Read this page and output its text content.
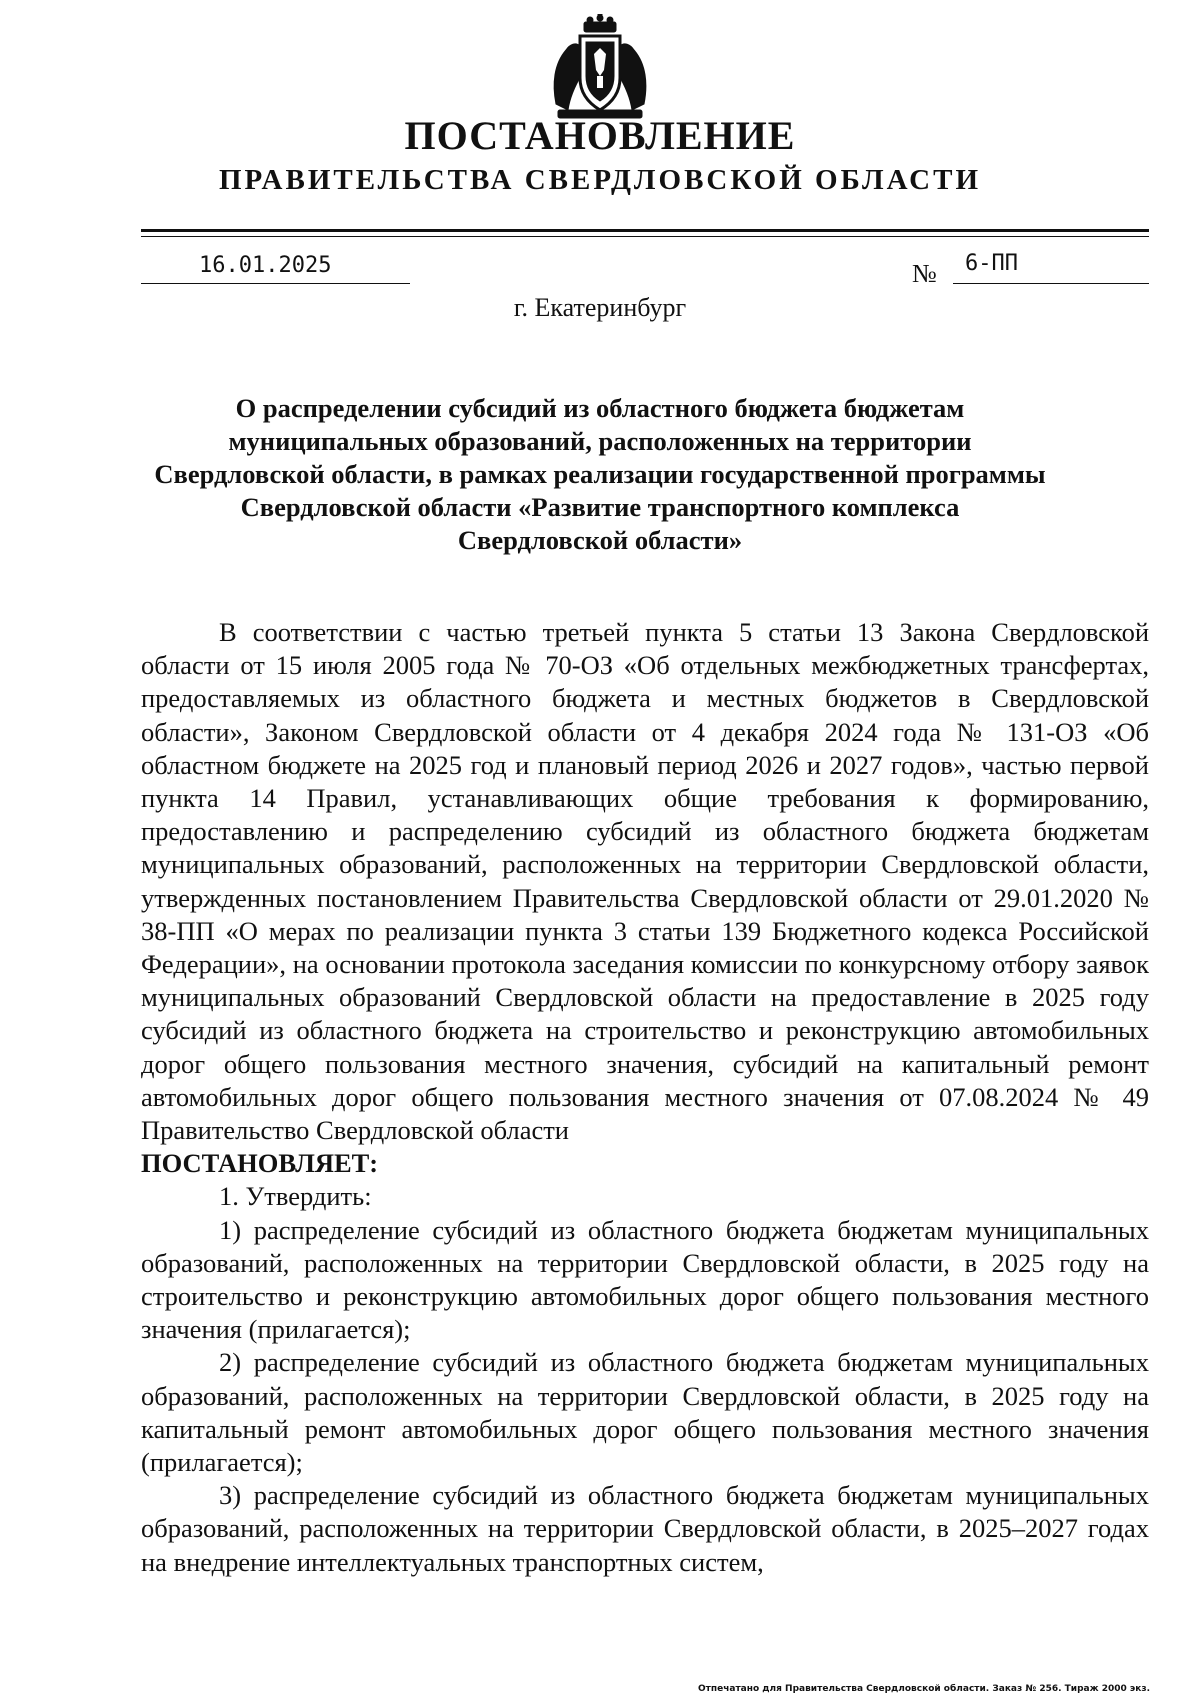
ПОСТАНОВЛЕНИЕ
ПРАВИТЕЛЬСТВА СВЕРДЛОВСКОЙ ОБЛАСТИ
16.01.2025	№	6-ПП
г. Екатеринбург
О распределении субсидий из областного бюджета бюджетам
муниципальных образований, расположенных на территории
Свердловской области, в рамках реализации государственной программы
Свердловской области «Развитие транспортного комплекса
Свердловской области»
В соответствии с частью третьей пункта 5 статьи 13 Закона Свердловской области от 15 июля 2005 года № 70-ОЗ «Об отдельных межбюджетных трансфертах, предоставляемых из областного бюджета и местных бюджетов в Свердловской области», Законом Свердловской области от 4 декабря 2024 года № 131-ОЗ «Об областном бюджете на 2025 год и плановый период 2026 и 2027 годов», частью первой пункта 14 Правил, устанавливающих общие требования к формированию, предоставлению и распределению субсидий из областного бюджета бюджетам муниципальных образований, расположенных на территории Свердловской области, утвержденных постановлением Правительства Свердловской области от 29.01.2020 № 38-ПП «О мерах по реализации пункта 3 статьи 139 Бюджетного кодекса Российской Федерации», на основании протокола заседания комиссии по конкурсному отбору заявок муниципальных образований Свердловской области на предоставление в 2025 году субсидий из областного бюджета на строительство и реконструкцию автомобильных дорог общего пользования местного значения, субсидий на капитальный ремонт автомобильных дорог общего пользования местного значения от 07.08.2024 № 49 Правительство Свердловской области
ПОСТАНОВЛЯЕТ:
1. Утвердить:
1) распределение субсидий из областного бюджета бюджетам муниципальных образований, расположенных на территории Свердловской области, в 2025 году на строительство и реконструкцию автомобильных дорог общего пользования местного значения (прилагается);
2) распределение субсидий из областного бюджета бюджетам муниципальных образований, расположенных на территории Свердловской области, в 2025 году на капитальный ремонт автомобильных дорог общего пользования местного значения (прилагается);
3) распределение субсидий из областного бюджета бюджетам муниципальных образований, расположенных на территории Свердловской области, в 2025–2027 годах на внедрение интеллектуальных транспортных систем,
Отпечатано для Правительства Свердловской области. Заказ № 256. Тираж 2000 экз.
